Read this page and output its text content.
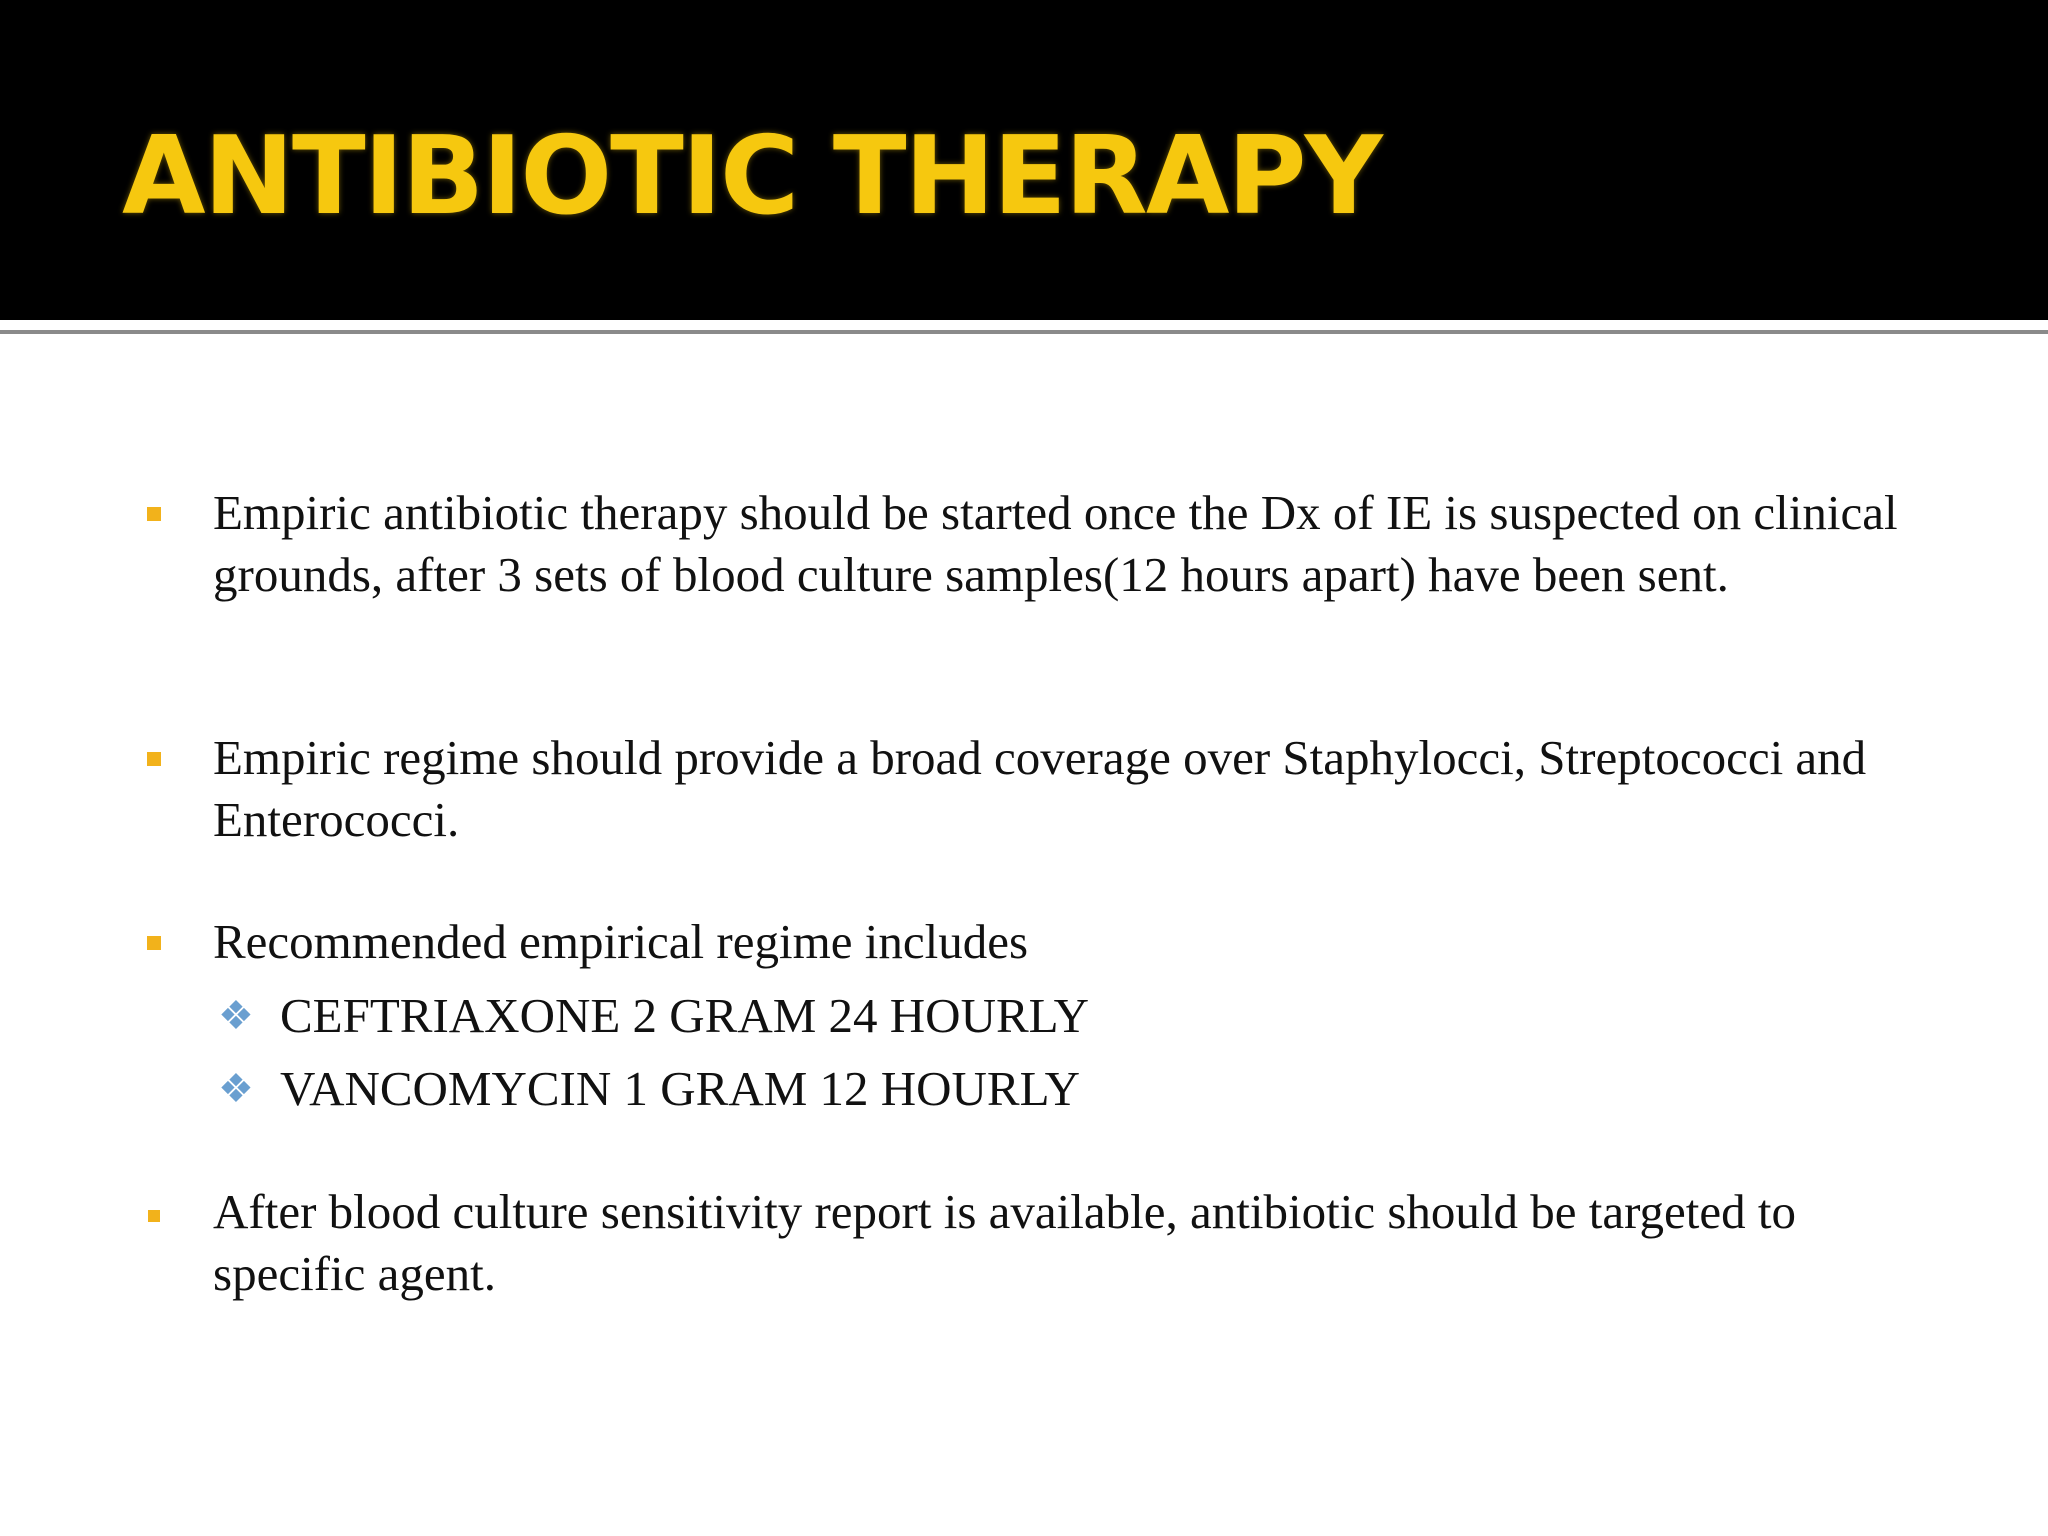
ANTIBIOTIC THERAPY

Empiric antibiotic therapy should be started once the Dx of IE is suspected on clinical grounds, after 3 sets of blood culture samples(12 hours apart) have been sent.

Empiric regime should provide a broad coverage over Staphylocci, Streptococci and Enterococci.

Recommended empirical regime includes

❖ CEFTRIAXONE 2 GRAM 24 HOURLY
❖ VANCOMYCIN 1 GRAM 12 HOURLY

After blood culture sensitivity report is available, antibiotic should be targeted to specific agent.
